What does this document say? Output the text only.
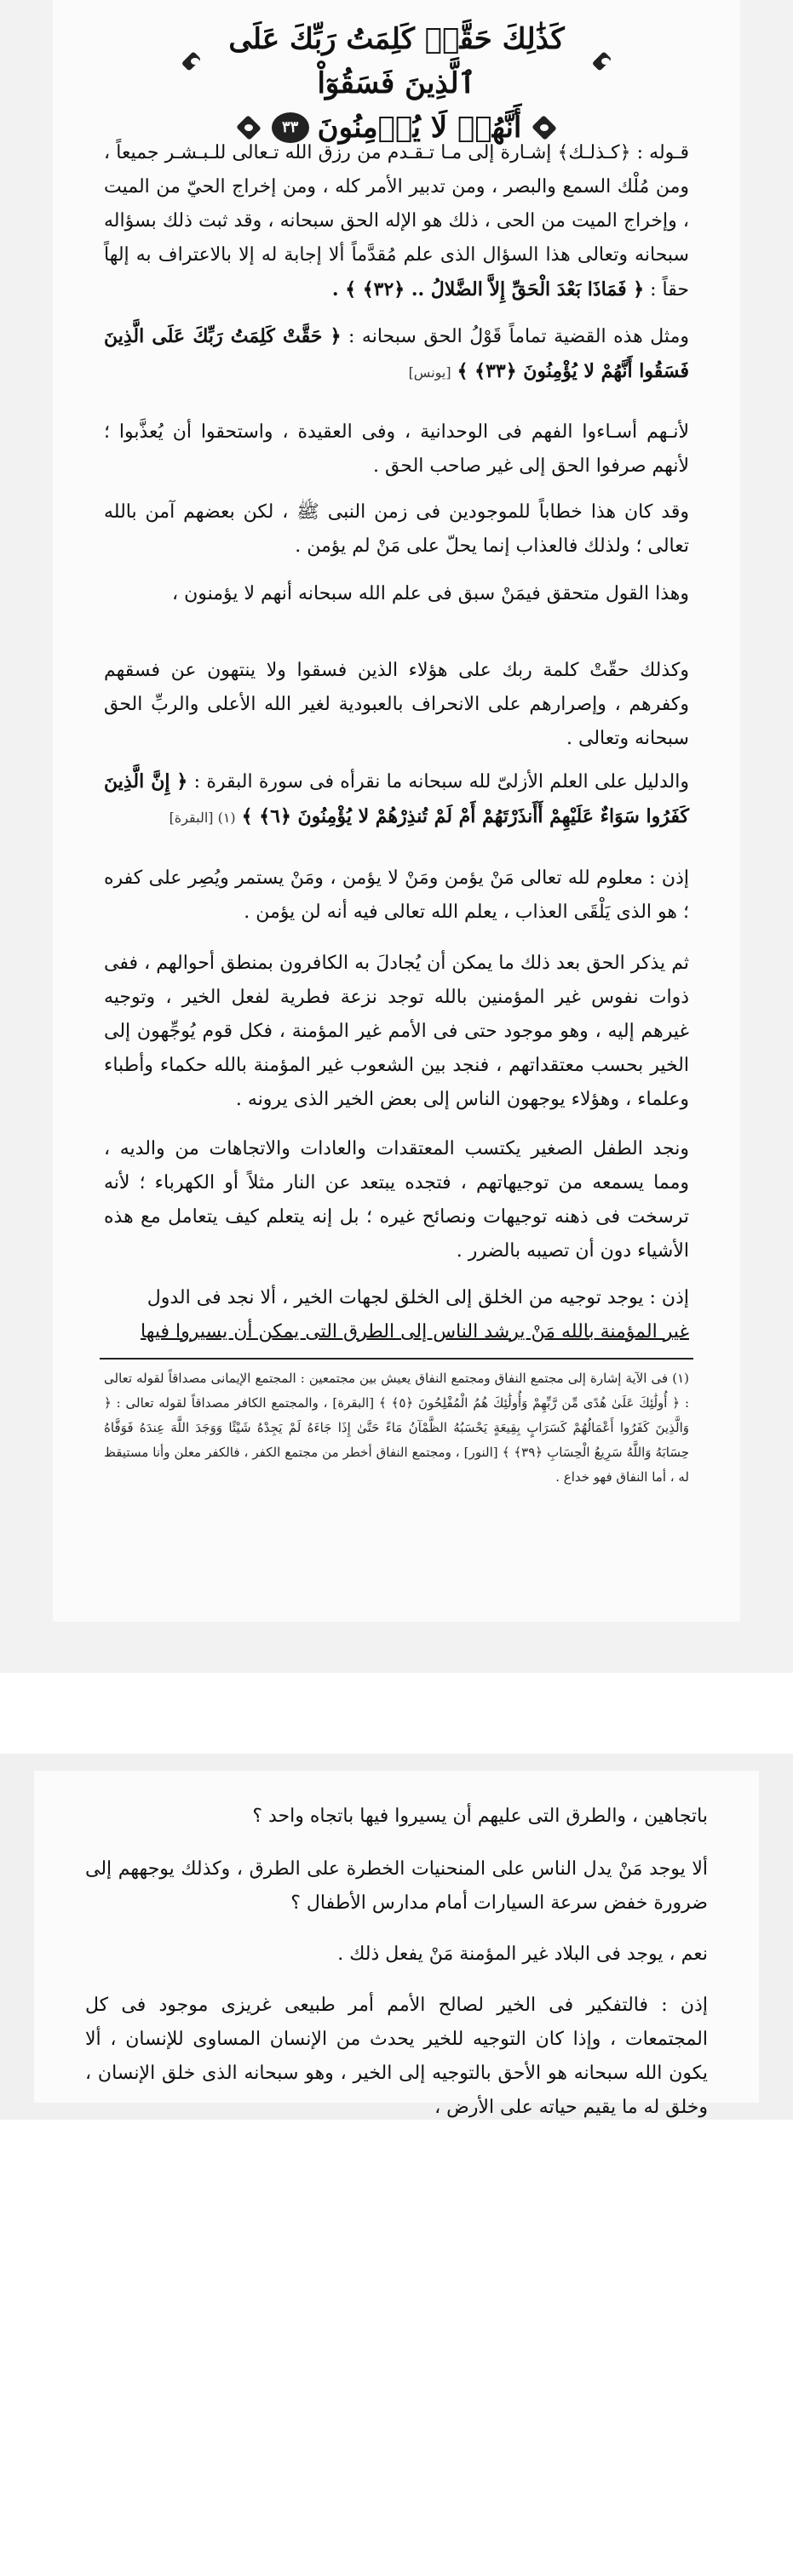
كَذَٰلِكَ حَقَّتۡ كَلِمَتُ رَبِّكَ عَلَى ٱلَّذِينَ فَسَقُوٓاْ
أَنَّهُمۡ لَا يُؤۡمِنُونَ
٣٣
قـوله : ﴿كـذلـك﴾ إشـارة إلى مـا تـقـدم من رزق الله تـعالى للـبـشـر جميعاً ، ومن مُلْك السمع والبصر ، ومن تدبير الأمر كله ، ومن إخراج الحيّ من الميت ، وإخراج الميت من الحى ، ذلك هو الإله الحق سبحانه ، وقد ثبت ذلك بسؤاله سبحانه وتعالى هذا السؤال الذى علم مُقدَّماً ألا إجابة له إلا بالاعتراف به إلهاً حقاً : ﴿ فَمَاذَا بَعْدَ الْحَقِّ إِلاَّ الضَّلالُ .. ﴿٣٢﴾ ﴾ .
ومثل هذه القضية تماماً قَوْلُ الحق سبحانه : ﴿ حَقَّتْ كَلِمَتُ رَبِّكَ عَلَى الَّذِينَ فَسَقُوا أَنَّهُمْ لا يُؤْمِنُونَ ﴿٣٣﴾ ﴾ [يونس]
لأنـهم أسـاءوا الفهم فى الوحدانية ، وفى العقيدة ، واستحقوا أن يُعذَّبوا ؛ لأنهم صرفوا الحق إلى غير صاحب الحق .
وقد كان هذا خطاباً للموجودين فى زمن النبى ﷺ ، لكن بعضهم آمن بالله تعالى ؛ ولذلك فالعذاب إنما يحلّ على مَنْ لم يؤمن .
وهذا القول متحقق فيمَنْ سبق فى علم الله سبحانه أنهم لا يؤمنون ،
وكذلك حقّتْ كلمة ربك على هؤلاء الذين فسقوا ولا ينتهون عن فسقهم وكفرهم ، وإصرارهم على الانحراف بالعبودية لغير الله الأعلى والربِّ الحق سبحانه وتعالى .
والدليل على العلم الأزلىّ لله سبحانه ما نقرأه فى سورة البقرة : ﴿ إِنَّ الَّذِينَ كَفَرُوا سَوَاءٌ عَلَيْهِمْ أَأَنذَرْتَهُمْ أَمْ لَمْ تُنذِرْهُمْ لا يُؤْمِنُونَ ﴿٦﴾ ﴾ (١) [البقرة]
إذن : معلوم لله تعالى مَنْ يؤمن ومَنْ لا يؤمن ، ومَنْ يستمر ويُصِر على كفره ؛ هو الذى يَلْقَى العذاب ، يعلم الله تعالى فيه أنه لن يؤمن .
ثم يذكر الحق بعد ذلك ما يمكن أن يُجادلَ به الكافرون بمنطق أحوالهم ، ففى ذوات نفوس غير المؤمنين بالله توجد نزعة فطرية لفعل الخير ، وتوجيه غيرهم إليه ، وهو موجود حتى فى الأمم غير المؤمنة ، فكل قوم يُوجِّهون إلى الخير بحسب معتقداتهم ، فنجد بين الشعوب غير المؤمنة بالله حكماء وأطباء وعلماء ، وهؤلاء يوجهون الناس إلى بعض الخير الذى يرونه .
ونجد الطفل الصغير يكتسب المعتقدات والعادات والاتجاهات من والديه ، ومما يسمعه من توجيهاتهم ، فتجده يبتعد عن النار مثلاً أو الكهرباء ؛ لأنه ترسخت فى ذهنه توجيهات ونصائح غيره ؛ بل إنه يتعلم كيف يتعامل مع هذه الأشياء دون أن تصيبه بالضرر .
إذن : يوجد توجيه من الخلق إلى الخلق لجهات الخير ، ألا نجد فى الدول
غير المؤمنة بالله مَنْ يرشد الناس إلى الطرق التى يمكن أن يسيروا فيها
(١) فى الآية إشارة إلى مجتمع النفاق ومجتمع النفاق يعيش بين مجتمعين : المجتمع الإيمانى مصداقاً لقوله تعالى : ﴿ أُولَٰئِكَ عَلَىٰ هُدًى مِّن رَّبِّهِمْ وَأُولَٰئِكَ هُمُ الْمُفْلِحُونَ ﴿٥﴾ ﴾ [البقرة] ، والمجتمع الكافر مصداقاً لقوله تعالى : ﴿ وَالَّذِينَ كَفَرُوا أَعْمَالُهُمْ كَسَرَابٍ بِقِيعَةٍ يَحْسَبُهُ الظَّمْآنُ مَاءً حَتَّىٰ إِذَا جَاءَهُ لَمْ يَجِدْهُ شَيْئًا وَوَجَدَ اللَّهَ عِندَهُ فَوَفَّاهُ حِسَابَهُ وَاللَّهُ سَرِيعُ الْحِسَابِ ﴿٣٩﴾ ﴾ [النور] ، ومجتمع النفاق أخطر من مجتمع الكفر ، فالكفر معلن وأنا مستيقظ له ، أما النفاق فهو خداع .
باتجاهين ، والطرق التى عليهم أن يسيروا فيها باتجاه واحد ؟
ألا يوجد مَنْ يدل الناس على المنحنيات الخطرة على الطرق ، وكذلك يوجههم إلى ضرورة خفض سرعة السيارات أمام مدارس الأطفال ؟
نعم ، يوجد فى البلاد غير المؤمنة مَنْ يفعل ذلك .
إذن : فالتفكير فى الخير لصالح الأمم أمر طبيعى غريزى موجود فى كل المجتمعات ، وإذا كان التوجيه للخير يحدث من الإنسان المساوى للإنسان ، ألا يكون الله سبحانه هو الأحق بالتوجيه إلى الخير ، وهو سبحانه الذى خلق الإنسان ، وخلق له ما يقيم حياته على الأرض ،
